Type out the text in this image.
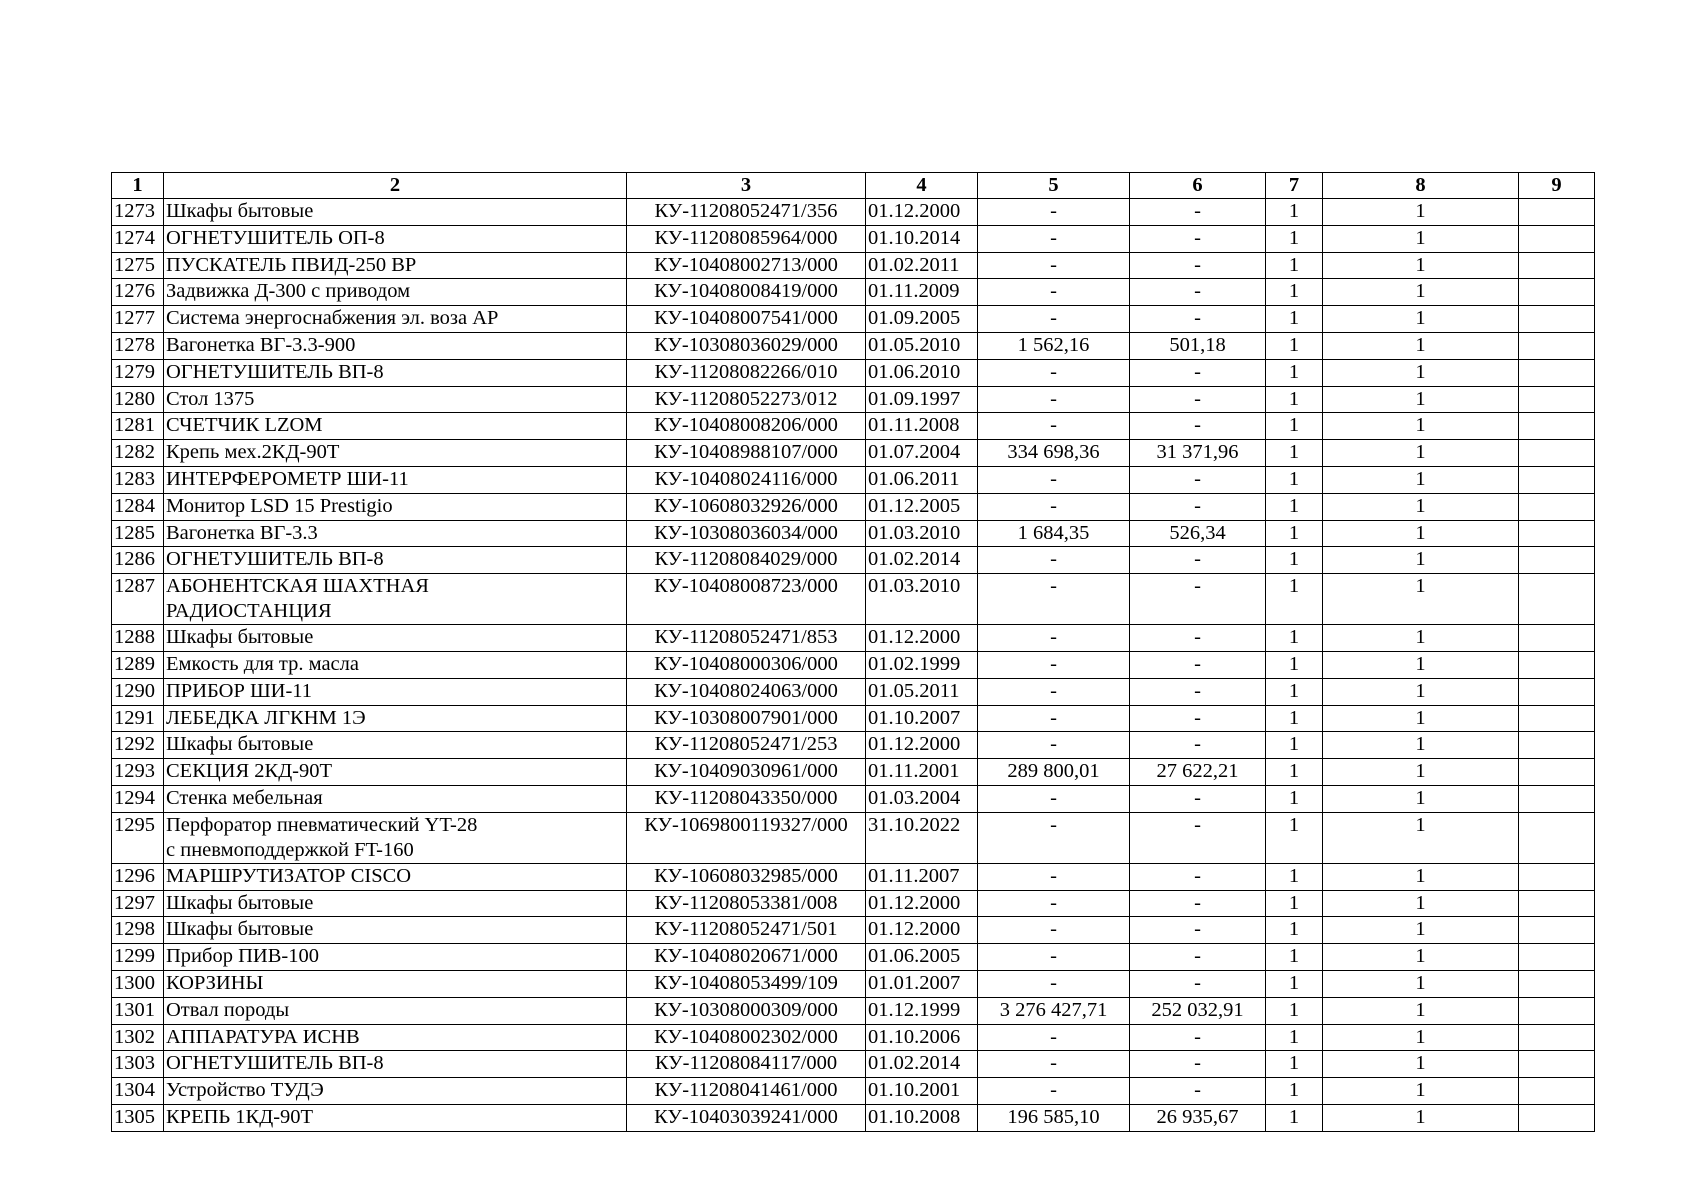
1	2	3	4	5	6	7	8	9
1273	Шкафы бытовые	КУ-11208052471/356	01.12.2000	-	-	1	1	
1274	ОГНЕТУШИТЕЛЬ ОП-8	КУ-11208085964/000	01.10.2014	-	-	1	1	
1275	ПУСКАТЕЛЬ ПВИД-250 ВР	КУ-10408002713/000	01.02.2011	-	-	1	1	
1276	Задвижка Д-300 с приводом	КУ-10408008419/000	01.11.2009	-	-	1	1	
1277	Система энергоснабжения эл. воза АР	КУ-10408007541/000	01.09.2005	-	-	1	1	
1278	Вагонетка ВГ-3.3-900	КУ-10308036029/000	01.05.2010	1 562,16	501,18	1	1	
1279	ОГНЕТУШИТЕЛЬ ВП-8	КУ-11208082266/010	01.06.2010	-	-	1	1	
1280	Стол 1375	КУ-11208052273/012	01.09.1997	-	-	1	1	
1281	СЧЕТЧИК LZOM	КУ-10408008206/000	01.11.2008	-	-	1	1	
1282	Крепь мех.2КД-90Т	КУ-10408988107/000	01.07.2004	334 698,36	31 371,96	1	1	
1283	ИНТЕРФЕРОМЕТР ШИ-11	КУ-10408024116/000	01.06.2011	-	-	1	1	
1284	Монитор LSD 15 Prestigio	КУ-10608032926/000	01.12.2005	-	-	1	1	
1285	Вагонетка ВГ-3.3	КУ-10308036034/000	01.03.2010	1 684,35	526,34	1	1	
1286	ОГНЕТУШИТЕЛЬ ВП-8	КУ-11208084029/000	01.02.2014	-	-	1	1	
1287	АБОНЕНТСКАЯ ШАХТНАЯ
РАДИОСТАНЦИЯ	КУ-10408008723/000	01.03.2010	-	-	1	1	
1288	Шкафы бытовые	КУ-11208052471/853	01.12.2000	-	-	1	1	
1289	Емкость для тр. масла	КУ-10408000306/000	01.02.1999	-	-	1	1	
1290	ПРИБОР ШИ-11	КУ-10408024063/000	01.05.2011	-	-	1	1	
1291	ЛЕБЕДКА ЛГКНМ 1Э	КУ-10308007901/000	01.10.2007	-	-	1	1	
1292	Шкафы бытовые	КУ-11208052471/253	01.12.2000	-	-	1	1	
1293	СЕКЦИЯ 2КД-90Т	КУ-10409030961/000	01.11.2001	289 800,01	27 622,21	1	1	
1294	Стенка мебельная	КУ-11208043350/000	01.03.2004	-	-	1	1	
1295	Перфоратор пневматический YT-28
с пневмоподдержкой FT-160	КУ-1069800119327/000	31.10.2022	-	-	1	1	
1296	МАРШРУТИЗАТОР CISCO	КУ-10608032985/000	01.11.2007	-	-	1	1	
1297	Шкафы бытовые	КУ-11208053381/008	01.12.2000	-	-	1	1	
1298	Шкафы бытовые	КУ-11208052471/501	01.12.2000	-	-	1	1	
1299	Прибор ПИВ-100	КУ-10408020671/000	01.06.2005	-	-	1	1	
1300	КОРЗИНЫ	КУ-10408053499/109	01.01.2007	-	-	1	1	
1301	Отвал породы	КУ-10308000309/000	01.12.1999	3 276 427,71	252 032,91	1	1	
1302	АППАРАТУРА ИСНВ	КУ-10408002302/000	01.10.2006	-	-	1	1	
1303	ОГНЕТУШИТЕЛЬ ВП-8	КУ-11208084117/000	01.02.2014	-	-	1	1	
1304	Устройство ТУДЭ	КУ-11208041461/000	01.10.2001	-	-	1	1	
1305	КРЕПЬ 1КД-90Т	КУ-10403039241/000	01.10.2008	196 585,10	26 935,67	1	1	
